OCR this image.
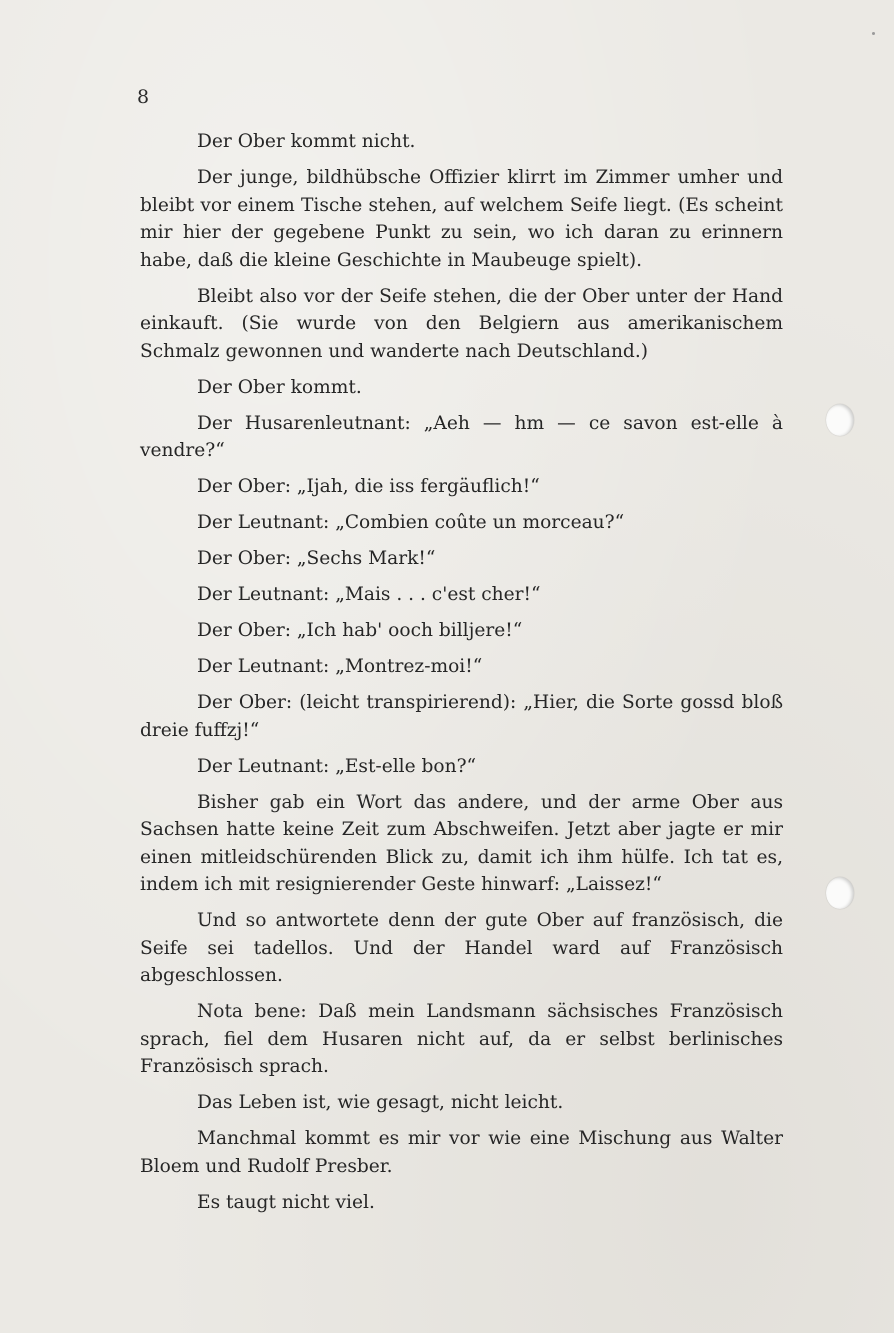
8

Der Ober kommt nicht.

Der junge, bildhübsche Offizier klirrt im Zimmer umher und bleibt vor einem Tische stehen, auf welchem Seife liegt. (Es scheint mir hier der gegebene Punkt zu sein, wo ich daran zu erinnern habe, daß die kleine Geschichte in Maubeuge spielt).

Bleibt also vor der Seife stehen, die der Ober unter der Hand einkauft. (Sie wurde von den Belgiern aus amerikanischem Schmalz gewonnen und wanderte nach Deutschland.)

Der Ober kommt.

Der Husarenleutnant: „Aeh — hm — ce savon est-elle à vendre?“

Der Ober: „Ijah, die iss fergäuflich!“

Der Leutnant: „Combien coûte un morceau?“

Der Ober: „Sechs Mark!“

Der Leutnant: „Mais . . . c'est cher!“

Der Ober: „Ich hab' ooch billjere!“

Der Leutnant: „Montrez-moi!“

Der Ober: (leicht transpirierend): „Hier, die Sorte gossd bloß dreie fuffzj!“

Der Leutnant: „Est-elle bon?“

Bisher gab ein Wort das andere, und der arme Ober aus Sachsen hatte keine Zeit zum Abschweifen. Jetzt aber jagte er mir einen mitleidschürenden Blick zu, damit ich ihm hülfe. Ich tat es, indem ich mit resignierender Geste hinwarf: „Laissez!“

Und so antwortete denn der gute Ober auf französisch, die Seife sei tadellos. Und der Handel ward auf Französisch abgeschlossen.

Nota bene: Daß mein Landsmann sächsisches Französisch sprach, fiel dem Husaren nicht auf, da er selbst berlinisches Französisch sprach.

Das Leben ist, wie gesagt, nicht leicht.

Manchmal kommt es mir vor wie eine Mischung aus Walter Bloem und Rudolf Presber.

Es taugt nicht viel.
